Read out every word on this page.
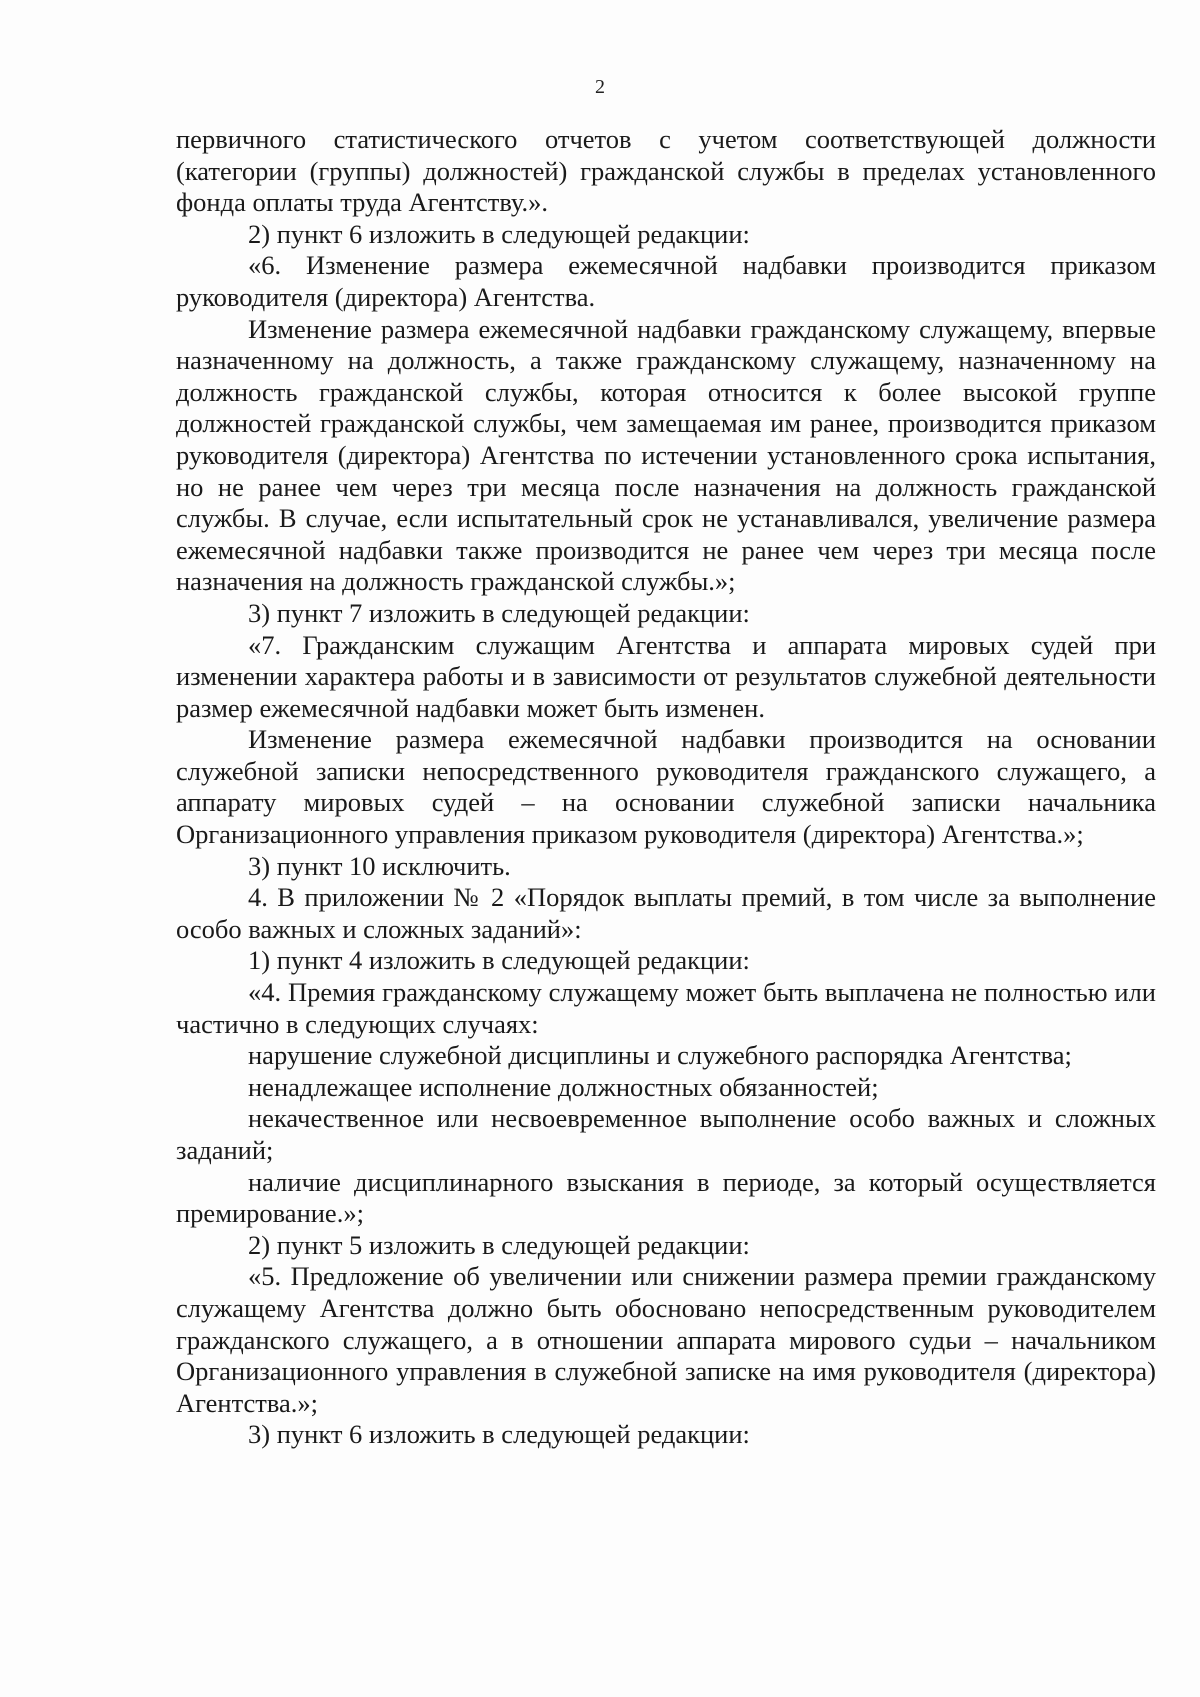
2

первичного статистического отчетов с учетом соответствующей должности (категории (группы) должностей) гражданской службы в пределах установленного фонда оплаты труда Агентству.».

2) пункт 6 изложить в следующей редакции:

«6. Изменение размера ежемесячной надбавки производится приказом руководителя (директора) Агентства.

Изменение размера ежемесячной надбавки гражданскому служащему, впервые назначенному на должность, а также гражданскому служащему, назначенному на должность гражданской службы, которая относится к более высокой группе должностей гражданской службы, чем замещаемая им ранее, производится приказом руководителя (директора) Агентства по истечении установленного срока испытания, но не ранее чем через три месяца после назначения на должность гражданской службы. В случае, если испытательный срок не устанавливался, увеличение размера ежемесячной надбавки также производится не ранее чем через три месяца после назначения на должность гражданской службы.»;

3) пункт 7 изложить в следующей редакции:

«7. Гражданским служащим Агентства и аппарата мировых судей при изменении характера работы и в зависимости от результатов служебной деятельности размер ежемесячной надбавки может быть изменен.

Изменение размера ежемесячной надбавки производится на основании служебной записки непосредственного руководителя гражданского служащего, а аппарату мировых судей – на основании служебной записки начальника Организационного управления приказом руководителя (директора) Агентства.»;

3) пункт 10 исключить.

4. В приложении № 2 «Порядок выплаты премий, в том числе за выполнение особо важных и сложных заданий»:

1) пункт 4 изложить в следующей редакции:

«4. Премия гражданскому служащему может быть выплачена не полностью или частично в следующих случаях:

нарушение служебной дисциплины и служебного распорядка Агентства;

ненадлежащее исполнение должностных обязанностей;

некачественное или несвоевременное выполнение особо важных и сложных заданий;

наличие дисциплинарного взыскания в периоде, за который осуществляется премирование.»;

2) пункт 5 изложить в следующей редакции:

«5. Предложение об увеличении или снижении размера премии гражданскому служащему Агентства должно быть обосновано непосредственным руководителем гражданского служащего, а в отношении аппарата мирового судьи – начальником Организационного управления в служебной записке на имя руководителя (директора) Агентства.»;

3) пункт 6 изложить в следующей редакции:
